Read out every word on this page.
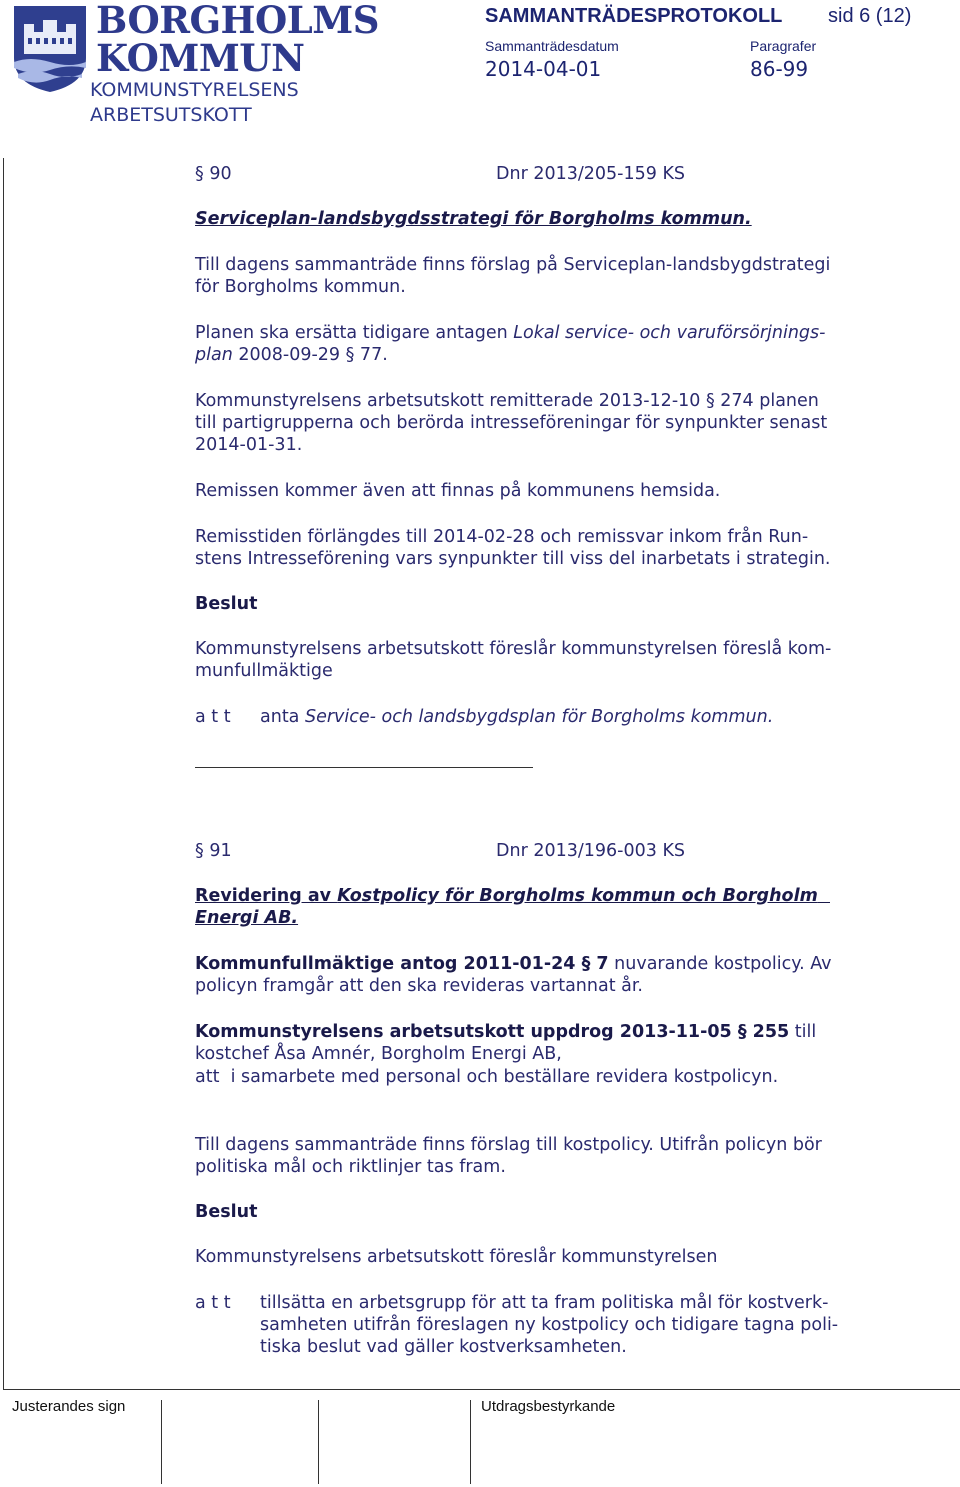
BORGHOLMS
KOMMUN
KOMMUNSTYRELSENS
ARBETSUTSKOTT
SAMMANTRÄDESPROTOKOLL sid 6 (12)
Sammanträdesdatum	Paragrafer
2014-04-01	86-99
§ 90	Dnr 2013/205-159 KS
Serviceplan-landsbygdsstrategi för Borgholms kommun.
Till dagens sammanträde finns förslag på Serviceplan-landsbygdstrategi
för Borgholms kommun.
Planen ska ersätta tidigare antagen Lokal service- och varuförsörjnings-
plan 2008-09-29 § 77.
Kommunstyrelsens arbetsutskott remitterade 2013-12-10 § 274 planen
till partigrupperna och berörda intresseföreningar för synpunkter senast
2014-01-31.
Remissen kommer även att finnas på kommunens hemsida.
Remisstiden förlängdes till 2014-02-28 och remissvar inkom från Run-
stens Intresseförening vars synpunkter till viss del inarbetats i strategin.
Beslut
Kommunstyrelsens arbetsutskott föreslår kommunstyrelsen föreslå kom-
munfullmäktige
a t t anta Service- och landsbygdsplan för Borgholms kommun.
§ 91	Dnr 2013/196-003 KS
Revidering av Kostpolicy för Borgholms kommun och Borgholm
Energi AB.
Kommunfullmäktige antog 2011-01-24 § 7 nuvarande kostpolicy. Av
policyn framgår att den ska revideras vartannat år.
Kommunstyrelsens arbetsutskott uppdrog 2013-11-05 § 255 till
kostchef Åsa Amnér, Borgholm Energi AB,
att  i samarbete med personal och beställare revidera kostpolicyn.
Till dagens sammanträde finns förslag till kostpolicy. Utifrån policyn bör
politiska mål och riktlinjer tas fram.
Beslut
Kommunstyrelsens arbetsutskott föreslår kommunstyrelsen
a t t tillsätta en arbetsgrupp för att ta fram politiska mål för kostverk-
samheten utifrån föreslagen ny kostpolicy och tidigare tagna poli-
tiska beslut vad gäller kostverksamheten.
Justerandes sign	Utdragsbestyrkande
